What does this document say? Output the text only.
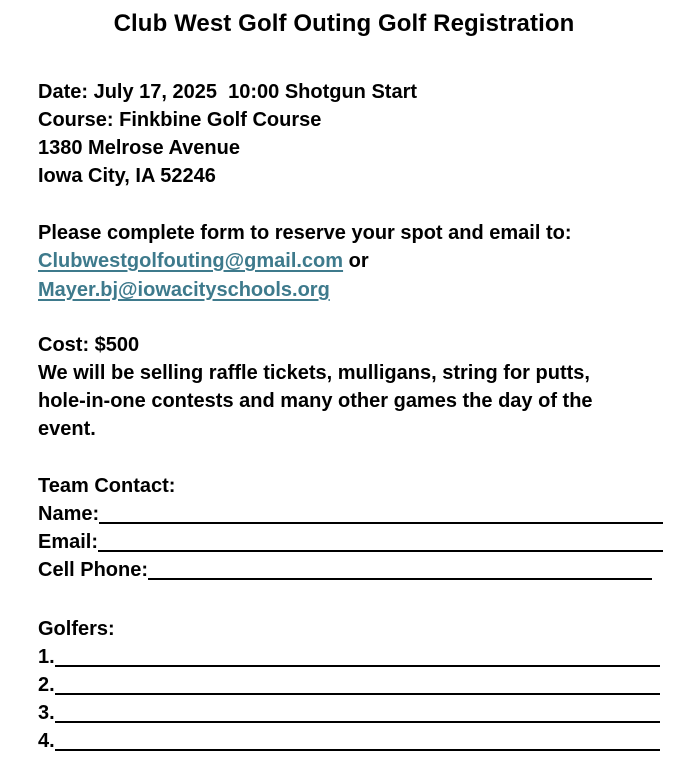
Club West Golf Outing Golf Registration
Date: July 17, 2025  10:00 Shotgun Start
Course: Finkbine Golf Course
1380 Melrose Avenue
Iowa City, IA 52246
Please complete form to reserve your spot and email to:
Clubwestgolfouting@gmail.com or
Mayer.bj@iowacityschools.org
Cost: $500
We will be selling raffle tickets, mulligans, string for putts,
hole-in-one contests and many other games the day of the
event.
Team Contact:
Name:
Email:
Cell Phone:
Golfers:
1.
2.
3.
4.
